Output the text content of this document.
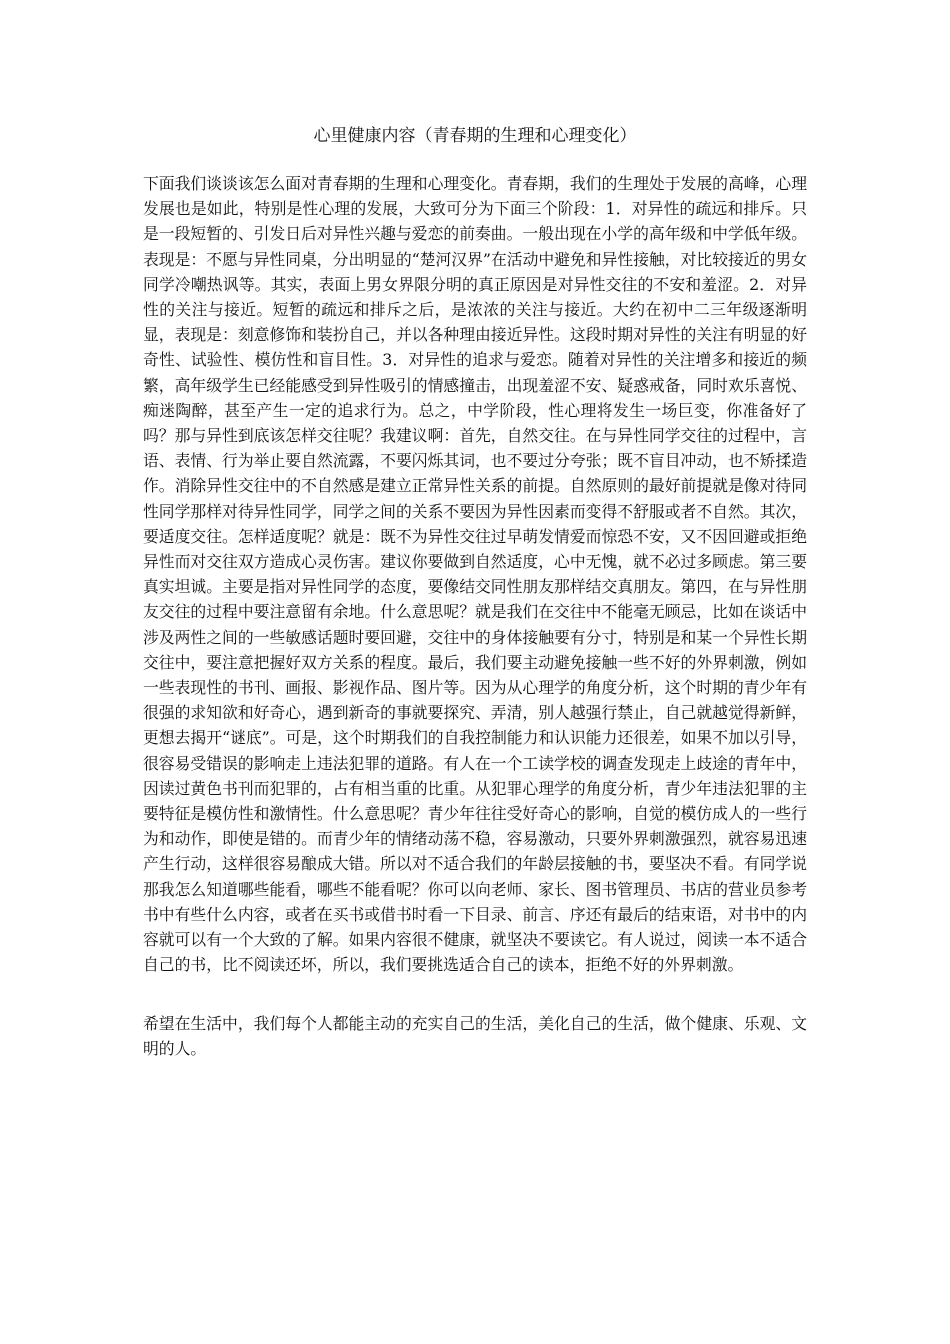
心里健康内容（青春期的生理和心理变化）

下面我们谈谈该怎么面对青春期的生理和心理变化。青春期，我们的生理处于发展的高峰，心理发展也是如此，特别是性心理的发展，大致可分为下面三个阶段：1．对异性的疏远和排斥。只是一段短暂的、引发日后对异性兴趣与爱恋的前奏曲。一般出现在小学的高年级和中学低年级。表现是：不愿与异性同桌，分出明显的“楚河汉界”在活动中避免和异性接触，对比较接近的男女同学冷嘲热讽等。其实，表面上男女界限分明的真正原因是对异性交往的不安和羞涩。2．对异性的关注与接近。短暂的疏远和排斥之后，是浓浓的关注与接近。大约在初中二三年级逐渐明显，表现是：刻意修饰和装扮自己，并以各种理由接近异性。这段时期对异性的关注有明显的好奇性、试验性、模仿性和盲目性。3．对异性的追求与爱恋。随着对异性的关注增多和接近的频繁，高年级学生已经能感受到异性吸引的情感撞击，出现羞涩不安、疑惑戒备，同时欢乐喜悦、痴迷陶醉，甚至产生一定的追求行为。总之，中学阶段，性心理将发生一场巨变，你准备好了吗？那与异性到底该怎样交往呢？我建议啊：首先，自然交往。在与异性同学交往的过程中，言语、表情、行为举止要自然流露，不要闪烁其词，也不要过分夸张；既不盲目冲动，也不矫揉造作。消除异性交往中的不自然感是建立正常异性关系的前提。自然原则的最好前提就是像对待同性同学那样对待异性同学，同学之间的关系不要因为异性因素而变得不舒服或者不自然。其次，要适度交往。怎样适度呢？就是：既不为异性交往过早萌发情爱而惊恐不安，又不因回避或拒绝异性而对交往双方造成心灵伤害。建议你要做到自然适度，心中无愧，就不必过多顾虑。第三要真实坦诚。主要是指对异性同学的态度，要像结交同性朋友那样结交真朋友。第四，在与异性朋友交往的过程中要注意留有余地。什么意思呢？就是我们在交往中不能毫无顾忌，比如在谈话中涉及两性之间的一些敏感话题时要回避，交往中的身体接触要有分寸，特别是和某一个异性长期交往中，要注意把握好双方关系的程度。最后，我们要主动避免接触一些不好的外界刺激，例如一些表现性的书刊、画报、影视作品、图片等。因为从心理学的角度分析，这个时期的青少年有很强的求知欲和好奇心，遇到新奇的事就要探究、弄清，别人越强行禁止，自己就越觉得新鲜，更想去揭开“谜底”。可是，这个时期我们的自我控制能力和认识能力还很差，如果不加以引导，很容易受错误的影响走上违法犯罪的道路。有人在一个工读学校的调查发现走上歧途的青年中，因读过黄色书刊而犯罪的，占有相当重的比重。从犯罪心理学的角度分析，青少年违法犯罪的主要特征是模仿性和激情性。什么意思呢？青少年往往受好奇心的影响，自觉的模仿成人的一些行为和动作，即使是错的。而青少年的情绪动荡不稳，容易激动，只要外界刺激强烈，就容易迅速产生行动，这样很容易酿成大错。所以对不适合我们的年龄层接触的书，要坚决不看。有同学说那我怎么知道哪些能看，哪些不能看呢？你可以向老师、家长、图书管理员、书店的营业员参考书中有些什么内容，或者在买书或借书时看一下目录、前言、序还有最后的结束语，对书中的内容就可以有一个大致的了解。如果内容很不健康，就坚决不要读它。有人说过，阅读一本不适合自己的书，比不阅读还坏，所以，我们要挑选适合自己的读本，拒绝不好的外界刺激。

希望在生活中，我们每个人都能主动的充实自己的生活，美化自己的生活，做个健康、乐观、文明的人。
